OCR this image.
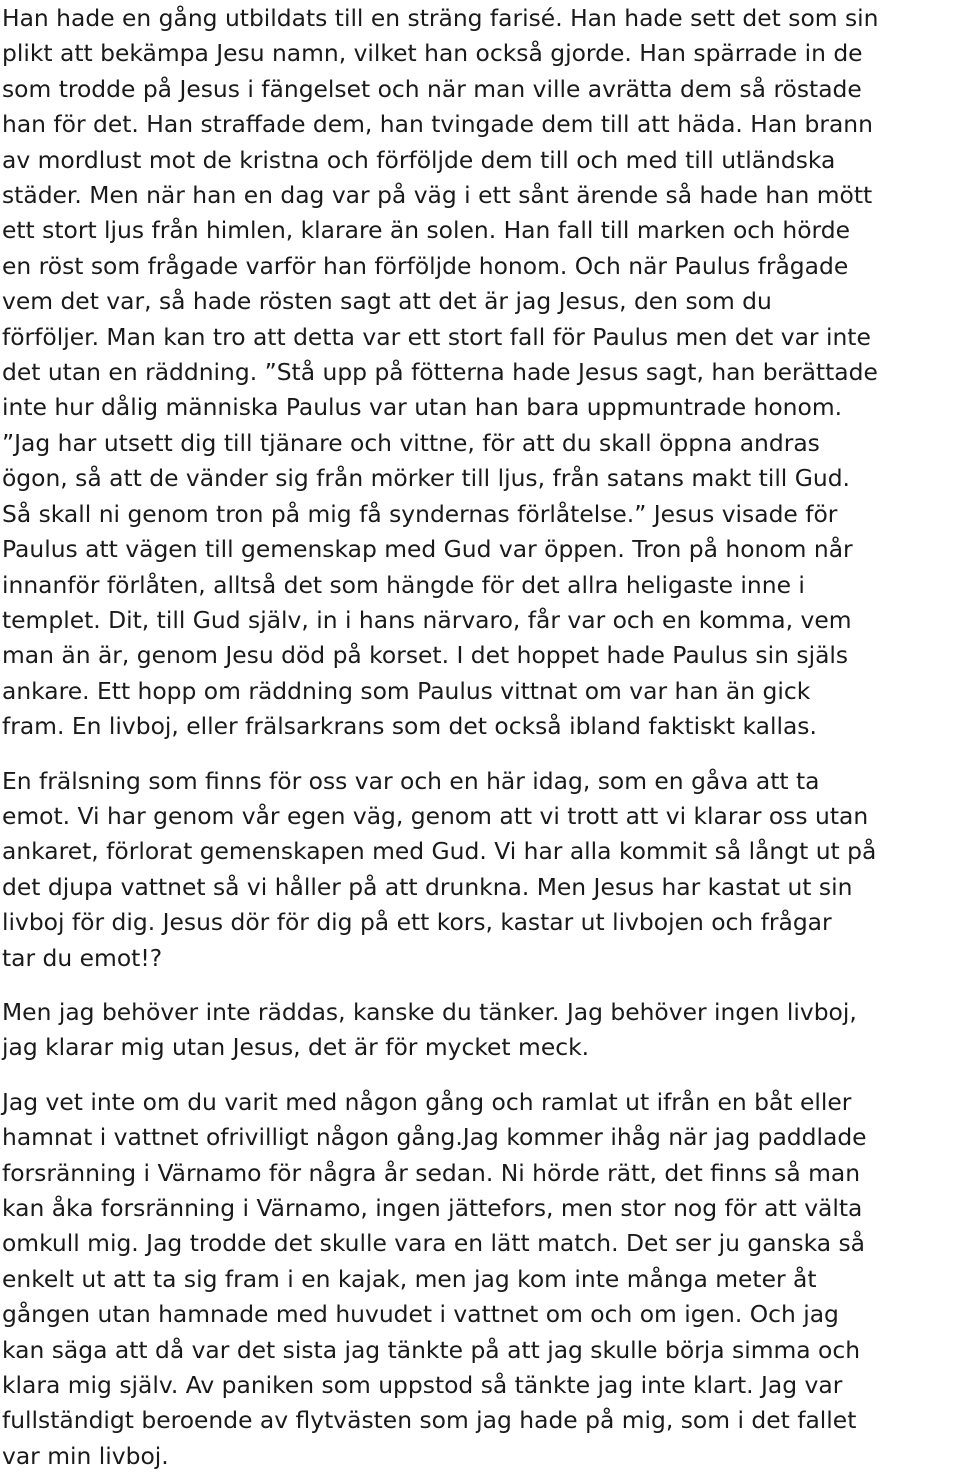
Han hade en gång utbildats till en sträng farisé. Han hade sett det som sin
plikt att bekämpa Jesu namn, vilket han också gjorde. Han spärrade in de
som trodde på Jesus i fängelset och när man ville avrätta dem så röstade
han för det. Han straffade dem, han tvingade dem till att häda. Han brann
av mordlust mot de kristna och förföljde dem till och med till utländska
städer. Men när han en dag var på väg i ett sånt ärende så hade han mött
ett stort ljus från himlen, klarare än solen. Han fall till marken och hörde
en röst som frågade varför han förföljde honom. Och när Paulus frågade
vem det var, så hade rösten sagt att det är jag Jesus, den som du
förföljer. Man kan tro att detta var ett stort fall för Paulus men det var inte
det utan en räddning. ”Stå upp på fötterna hade Jesus sagt, han berättade
inte hur dålig människa Paulus var utan han bara uppmuntrade honom.
”Jag har utsett dig till tjänare och vittne, för att du skall öppna andras
ögon, så att de vänder sig från mörker till ljus, från satans makt till Gud.
Så skall ni genom tron på mig få syndernas förlåtelse.” Jesus visade för
Paulus att vägen till gemenskap med Gud var öppen. Tron på honom når
innanför förlåten, alltså det som hängde för det allra heligaste inne i
templet. Dit, till Gud själv, in i hans närvaro, får var och en komma, vem
man än är, genom Jesu död på korset. I det hoppet hade Paulus sin själs
ankare. Ett hopp om räddning som Paulus vittnat om var han än gick
fram. En livboj, eller frälsarkrans som det också ibland faktiskt kallas.

En frälsning som finns för oss var och en här idag, som en gåva att ta
emot. Vi har genom vår egen väg, genom att vi trott att vi klarar oss utan
ankaret, förlorat gemenskapen med Gud. Vi har alla kommit så långt ut på
det djupa vattnet så vi håller på att drunkna. Men Jesus har kastat ut sin
livboj för dig. Jesus dör för dig på ett kors, kastar ut livbojen och frågar
tar du emot!?

Men jag behöver inte räddas, kanske du tänker. Jag behöver ingen livboj,
jag klarar mig utan Jesus, det är för mycket meck.

Jag vet inte om du varit med någon gång och ramlat ut ifrån en båt eller
hamnat i vattnet ofrivilligt någon gång.Jag kommer ihåg när jag paddlade
forsränning i Värnamo för några år sedan. Ni hörde rätt, det finns så man
kan åka forsränning i Värnamo, ingen jättefors, men stor nog för att välta
omkull mig. Jag trodde det skulle vara en lätt match. Det ser ju ganska så
enkelt ut att ta sig fram i en kajak, men jag kom inte många meter åt
gången utan hamnade med huvudet i vattnet om och om igen. Och jag
kan säga att då var det sista jag tänkte på att jag skulle börja simma och
klara mig själv. Av paniken som uppstod så tänkte jag inte klart. Jag var
fullständigt beroende av flytvästen som jag hade på mig, som i det fallet
var min livboj.
